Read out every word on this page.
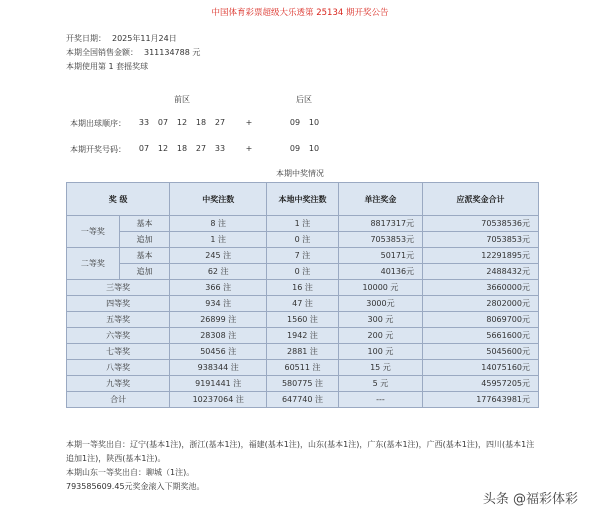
中国体育彩票超级大乐透第 25134 期开奖公告
开奖日期： 2025年11月24日
本期全国销售金额： 311134788 元
本期使用第 1 套摇奖球
前区	后区
本期出球顺序：	33	07	12	18	27	+	09	10
本期开奖号码：	07	12	18	27	33	+	09	10
本期中奖情况
奖 级		中奖注数	本地中奖注数	单注奖金	应派奖金合计
一等奖	基本	8 注	1 注	8817317元	70538536元
	追加	1 注	0 注	7053853元	7053853元
二等奖	基本	245 注	7 注	50171元	12291895元
	追加	62 注	0 注	40136元	2488432元
三等奖		366 注	16 注	10000 元	3660000元
四等奖		934 注	47 注	3000元	2802000元
五等奖		26899 注	1560 注	300 元	8069700元
六等奖		28308 注	1942 注	200 元	5661600元
七等奖		50456 注	2881 注	100 元	5045600元
八等奖		938344 注	60511 注	15 元	14075160元
九等奖		9191441 注	580775 注	5 元	45957205元
合计		10237064 注	647740 注	---	177643981元
本期一等奖出自：辽宁(基本1注)，浙江(基本1注)，福建(基本1注)，山东(基本1注)，广东(基本1注)，广西(基本1注)，四川(基本1注 追加1注)，陕西(基本1注)。
本期山东一等奖出自：聊城（1注)。
793585609.45元奖金滚入下期奖池。
头条 @福彩体彩
